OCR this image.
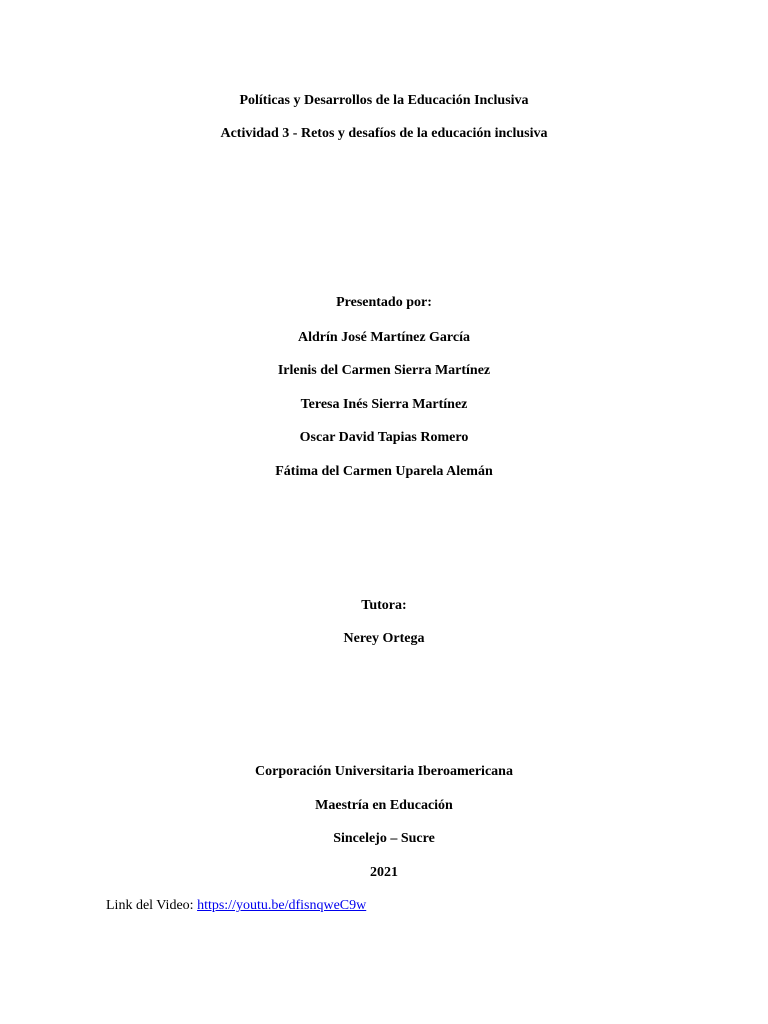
Políticas y Desarrollos de la Educación Inclusiva
Actividad 3 - Retos y desafíos de la educación inclusiva
Presentado por:
Aldrín José Martínez García
Irlenis del Carmen Sierra Martínez
Teresa Inés Sierra Martínez
Oscar David Tapias Romero
Fátima del Carmen Uparela Alemán
Tutora:
Nerey Ortega
Corporación Universitaria Iberoamericana
Maestría en Educación
Sincelejo – Sucre
2021
Link del Video: https://youtu.be/dfisnqweC9w
